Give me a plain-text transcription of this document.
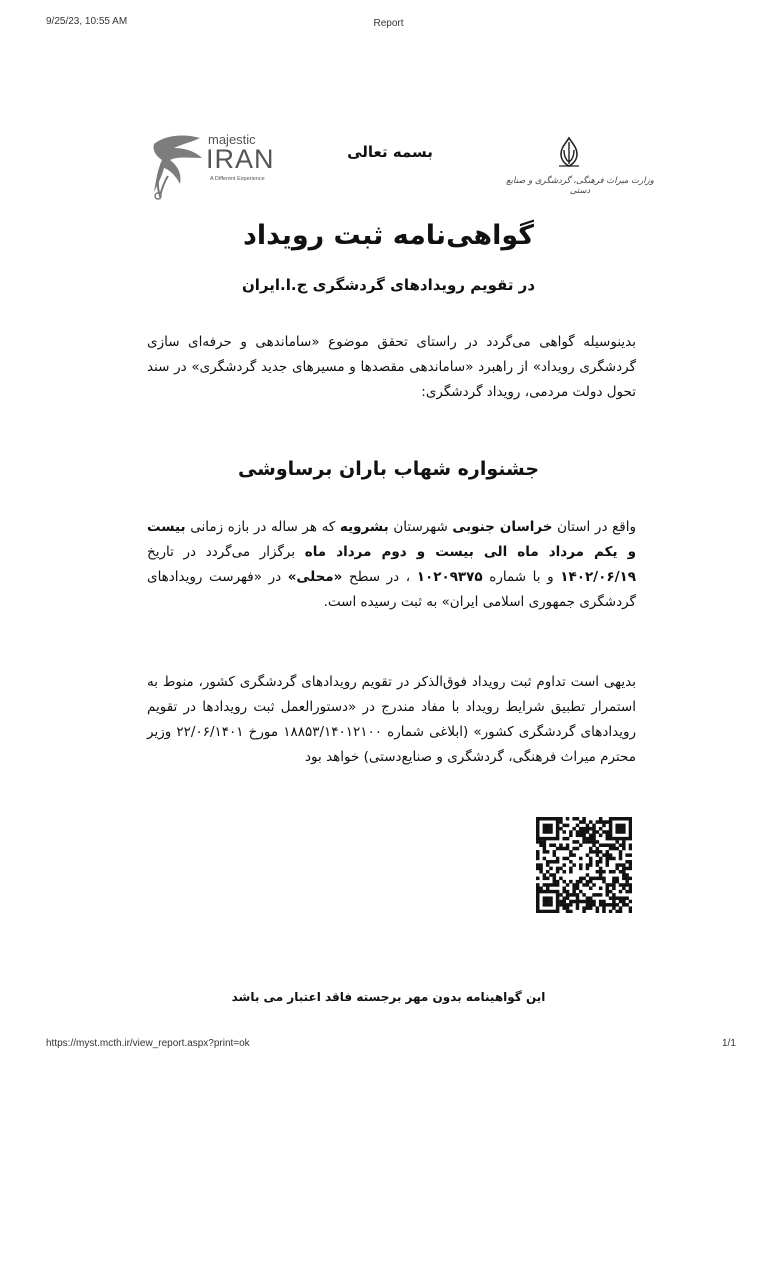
9/25/23, 10:55 AM	Report
majestic
IRAN
A Different Experience
بسمه تعالی
وزارت میراث فرهنگی، گردشگری و صنایع دستی
گواهی‌نامه ثبت رویداد
در تقویم رویدادهای گردشگری ج.ا.ایران
بدینوسیله گواهی می‌گردد در راستای تحقق موضوع «ساماندهی و حرفه‌ای سازی گردشگری رویداد» از راهبرد «ساماندهی مقصدها و مسیرهای جدید گردشگری» در سند تحول دولت مردمی، رویداد گردشگری:
جشنواره شهاب باران برساوشی
واقع در استان خراسان جنوبی شهرستان بشرویه که هر ساله در بازه زمانی بیست و یکم مرداد ماه الی بیست و دوم مرداد ماه برگزار می‌گردد در تاریخ ۱۴۰۲/۰۶/۱۹ و با شماره ۱۰۲۰۹۳۷۵ ، در سطح «محلی» در «فهرست رویدادهای گردشگری جمهوری اسلامی ایران» به ثبت رسیده است.
بدیهی است تداوم ثبت رویداد فوق‌الذکر در تقویم رویدادهای گردشگری کشور، منوط به استمرار تطبیق شرایط رویداد با مفاد مندرج در «دستورالعمل ثبت رویدادها در تقویم رویدادهای گردشگری کشور» (ابلاغی شماره ۱۸۸۵۳/۱۴۰۱۲۱۰۰ مورخ ۲۲/۰۶/۱۴۰۱ وزیر محترم میراث فرهنگی، گردشگری و صنایع‌دستی) خواهد بود
این گواهینامه بدون مهر برجسته فاقد اعتبار می باشد
https://myst.mcth.ir/view_report.aspx?print=ok	1/1
